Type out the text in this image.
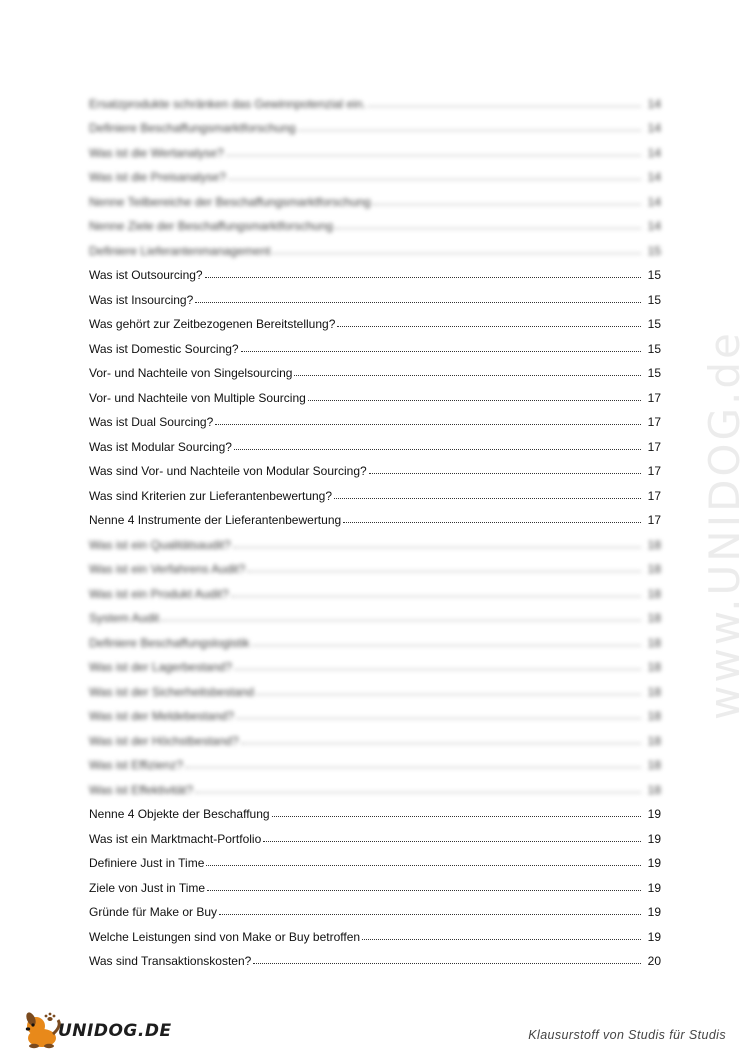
Ersatzprodukte schränken das Gewinnpotenzial ein.	14
Definiere Beschaffungsmarktforschung	14
Was ist die Wertanalyse?	14
Was ist die Preisanalyse?	14
Nenne Teilbereiche der Beschaffungsmarktforschung	14
Nenne Ziele der Beschaffungsmarktforschung	14
Definiere Lieferantenmanagement	15
Was ist Outsourcing?	15
Was ist Insourcing?	15
Was gehört zur Zeitbezogenen Bereitstellung?	15
Was ist Domestic Sourcing?	15
Vor- und Nachteile von Singelsourcing	15
Vor- und Nachteile von Multiple Sourcing	17
Was ist Dual Sourcing?	17
Was ist Modular Sourcing?	17
Was sind Vor- und Nachteile von Modular Sourcing?	17
Was sind Kriterien zur Lieferantenbewertung?	17
Nenne 4 Instrumente der Lieferantenbewertung	17
Was ist ein Qualitätsaudit?	18
Was ist ein Verfahrens Audit?	18
Was ist ein Produkt Audit?	18
System Audit	18
Definiere Beschaffungslogistik	18
Was ist der Lagerbestand?	18
Was ist der Sicherheitsbestand	18
Was ist der Meldebestand?	18
Was ist der Höchstbestand?	18
Was ist Effizienz?	18
Was ist Effektivität?	18
Nenne 4 Objekte der Beschaffung	19
Was ist ein Marktmacht-Portfolio	19
Definiere Just in Time	19
Ziele von Just in Time	19
Gründe für Make or Buy	19
Welche Leistungen sind von Make or Buy betroffen	19
Was sind Transaktionskosten?	20
www.UNIDOG.de
UNIDOG.DE	Klausurstoff von Studis für Studis
